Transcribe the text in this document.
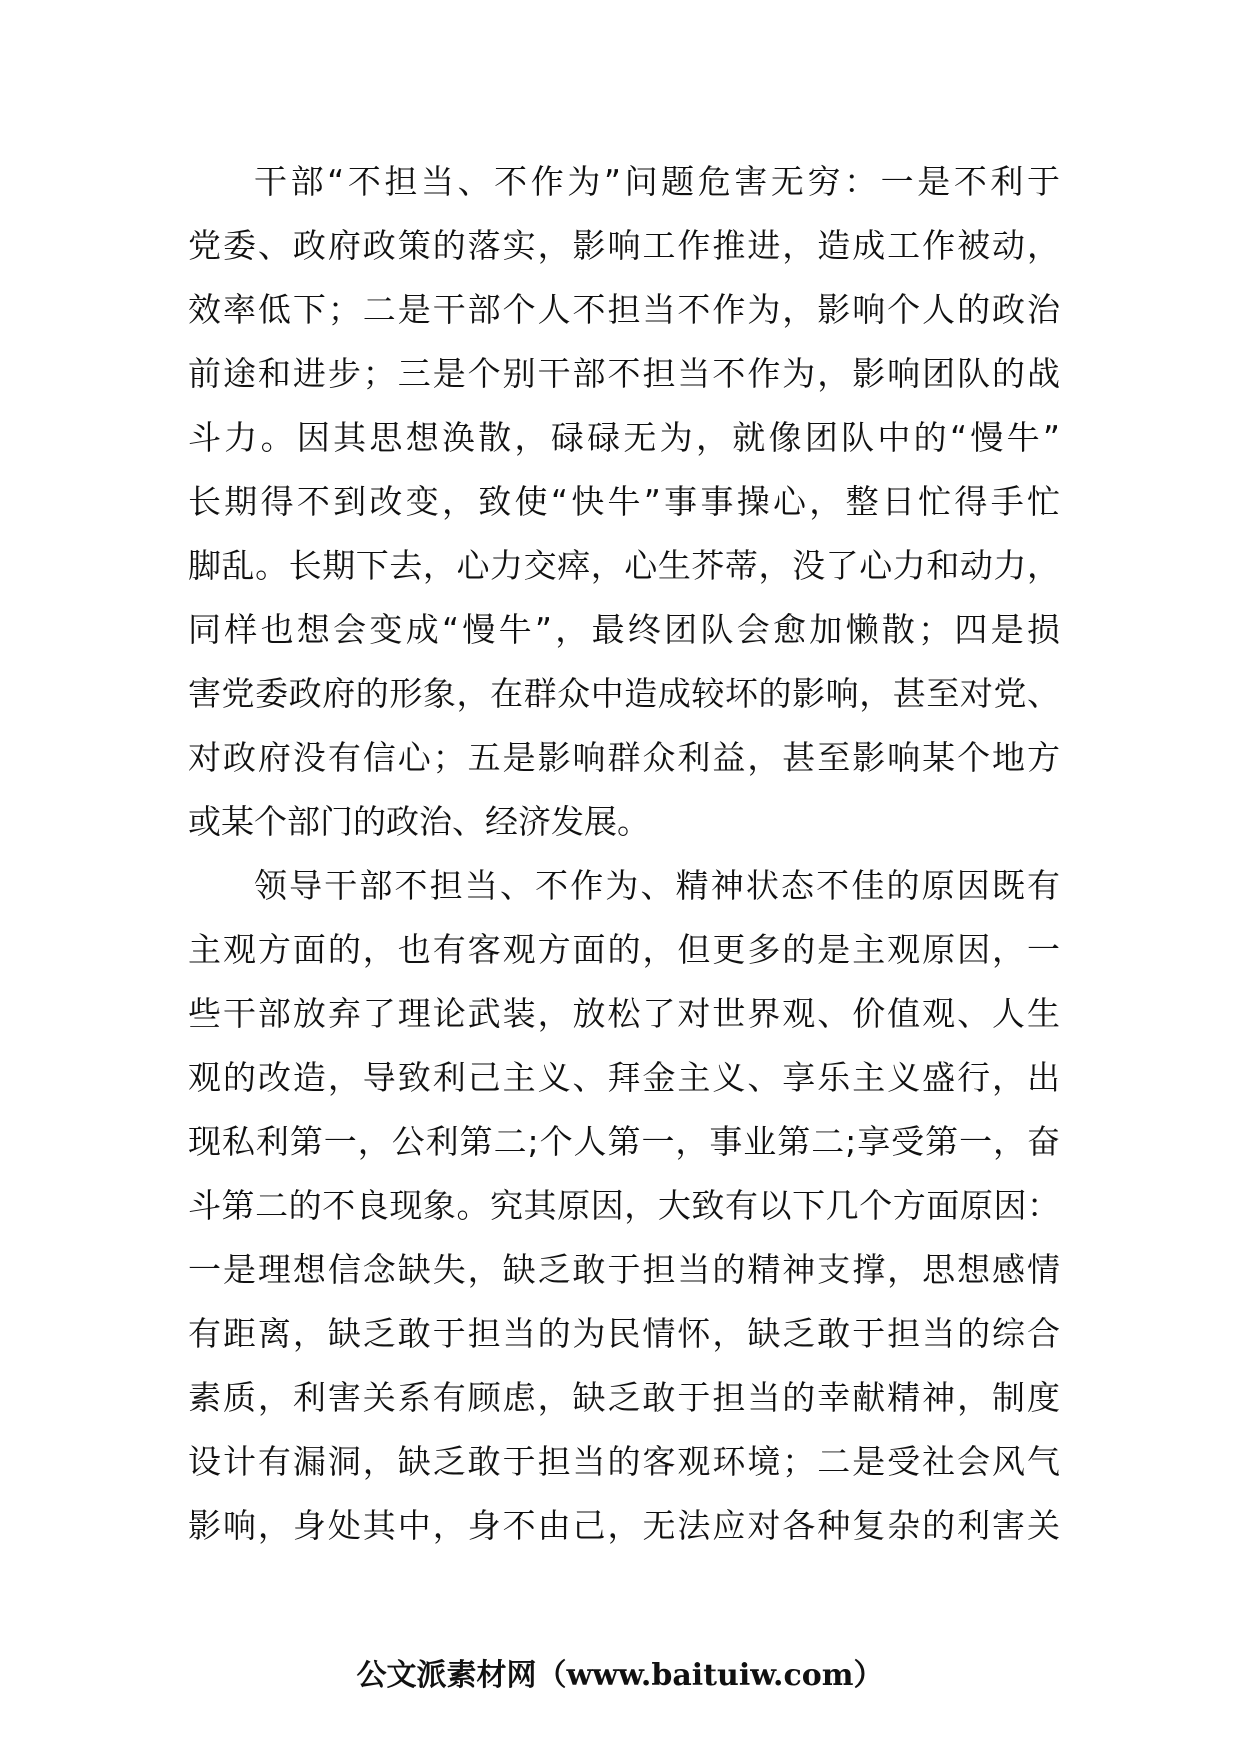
干部“不担当、不作为”问题危害无穷：一是不利于
党委、政府政策的落实，影响工作推进，造成工作被动，
效率低下；二是干部个人不担当不作为，影响个人的政治
前途和进步；三是个别干部不担当不作为，影响团队的战
斗力。因其思想涣散，碌碌无为，就像团队中的“慢牛”
长期得不到改变，致使“快牛”事事操心，整日忙得手忙
脚乱。长期下去，心力交瘁，心生芥蒂，没了心力和动力，
同样也想会变成“慢牛”，最终团队会愈加懒散；四是损
害党委政府的形象，在群众中造成较坏的影响，甚至对党、
对政府没有信心；五是影响群众利益，甚至影响某个地方
或某个部门的政治、经济发展。
领导干部不担当、不作为、精神状态不佳的原因既有
主观方面的，也有客观方面的，但更多的是主观原因，一
些干部放弃了理论武装，放松了对世界观、价值观、人生
观的改造，导致利己主义、拜金主义、享乐主义盛行，出
现私利第一，公利第二;个人第一，事业第二;享受第一，奋
斗第二的不良现象。究其原因，大致有以下几个方面原因：
一是理想信念缺失，缺乏敢于担当的精神支撑，思想感情
有距离，缺乏敢于担当的为民情怀，缺乏敢于担当的综合
素质，利害关系有顾虑，缺乏敢于担当的幸献精神，制度
设计有漏洞，缺乏敢于担当的客观环境；二是受社会风气
影响，身处其中，身不由己，无法应对各种复杂的利害关
公文派素材网（www.baituiw.com）
